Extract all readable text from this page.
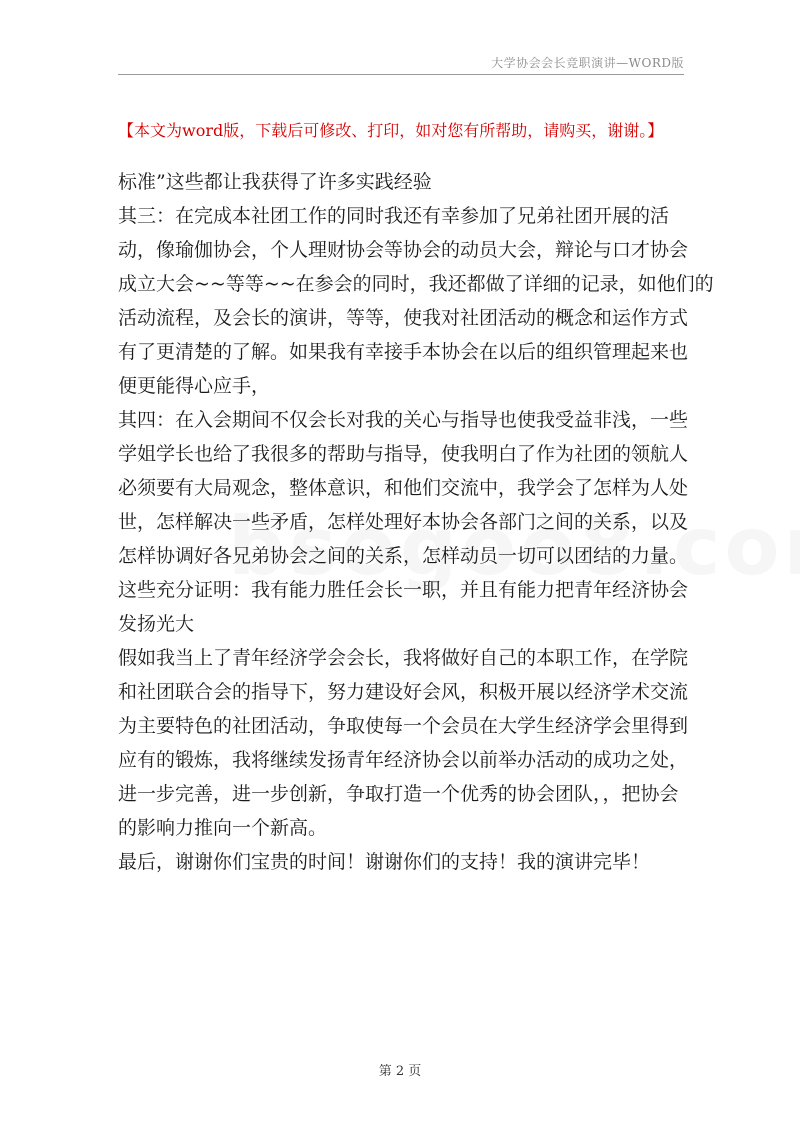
大学协会会长竞职演讲—WORD版
【本文为word版，下载后可修改、打印，如对您有所帮助，请购买，谢谢。】
标准”这些都让我获得了许多实践经验
其三：在完成本社团工作的同时我还有幸参加了兄弟社团开展的活
动，像瑜伽协会，个人理财协会等协会的动员大会，辩论与口才协会
成立大会~~等等~~在参会的同时，我还都做了详细的记录，如他们的
活动流程，及会长的演讲，等等，使我对社团活动的概念和运作方式
有了更清楚的了解。如果我有幸接手本协会在以后的组织管理起来也
便更能得心应手，
其四：在入会期间不仅会长对我的关心与指导也使我受益非浅，一些
学姐学长也给了我很多的帮助与指导，使我明白了作为社团的领航人
必须要有大局观念，整体意识，和他们交流中，我学会了怎样为人处
世，怎样解决一些矛盾，怎样处理好本协会各部门之间的关系，以及
怎样协调好各兄弟协会之间的关系，怎样动员一切可以团结的力量。
这些充分证明：我有能力胜任会长一职，并且有能力把青年经济协会
发扬光大
假如我当上了青年经济学会会长，我将做好自己的本职工作，在学院
和社团联合会的指导下，努力建设好会风，积极开展以经济学术交流
为主要特色的社团活动，争取使每一个会员在大学生经济学会里得到
应有的锻炼，我将继续发扬青年经济协会以前举办活动的成功之处，
进一步完善，进一步创新，争取打造一个优秀的协会团队，，把协会
的影响力推向一个新高。
最后，谢谢你们宝贵的时间！谢谢你们的支持！我的演讲完毕！
第 2 页
